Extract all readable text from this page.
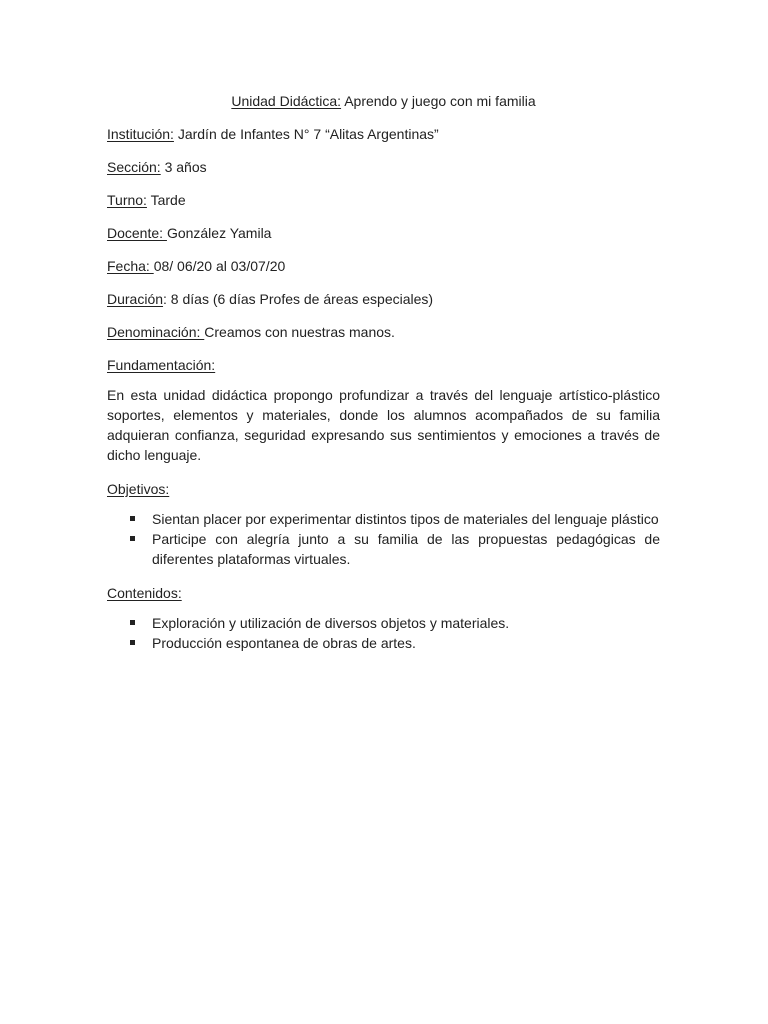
Unidad Didáctica: Aprendo y juego con mi familia
Institución: Jardín de Infantes N° 7 “Alitas Argentinas”
Sección: 3 años
Turno: Tarde
Docente: González Yamila
Fecha: 08/ 06/20 al 03/07/20
Duración: 8 días (6 días Profes de áreas especiales)
Denominación: Creamos con nuestras manos.
Fundamentación:
En esta unidad didáctica propongo profundizar a través del lenguaje artístico-plástico soportes, elementos y materiales, donde los alumnos acompañados de su familia adquieran confianza, seguridad expresando sus sentimientos y emociones a través de dicho lenguaje.
Objetivos:
Sientan placer por experimentar distintos tipos de materiales del lenguaje plástico
Participe con alegría junto a su familia de las propuestas pedagógicas de diferentes plataformas virtuales.
Contenidos:
Exploración y utilización de diversos objetos y materiales.
Producción espontanea de obras de artes.
